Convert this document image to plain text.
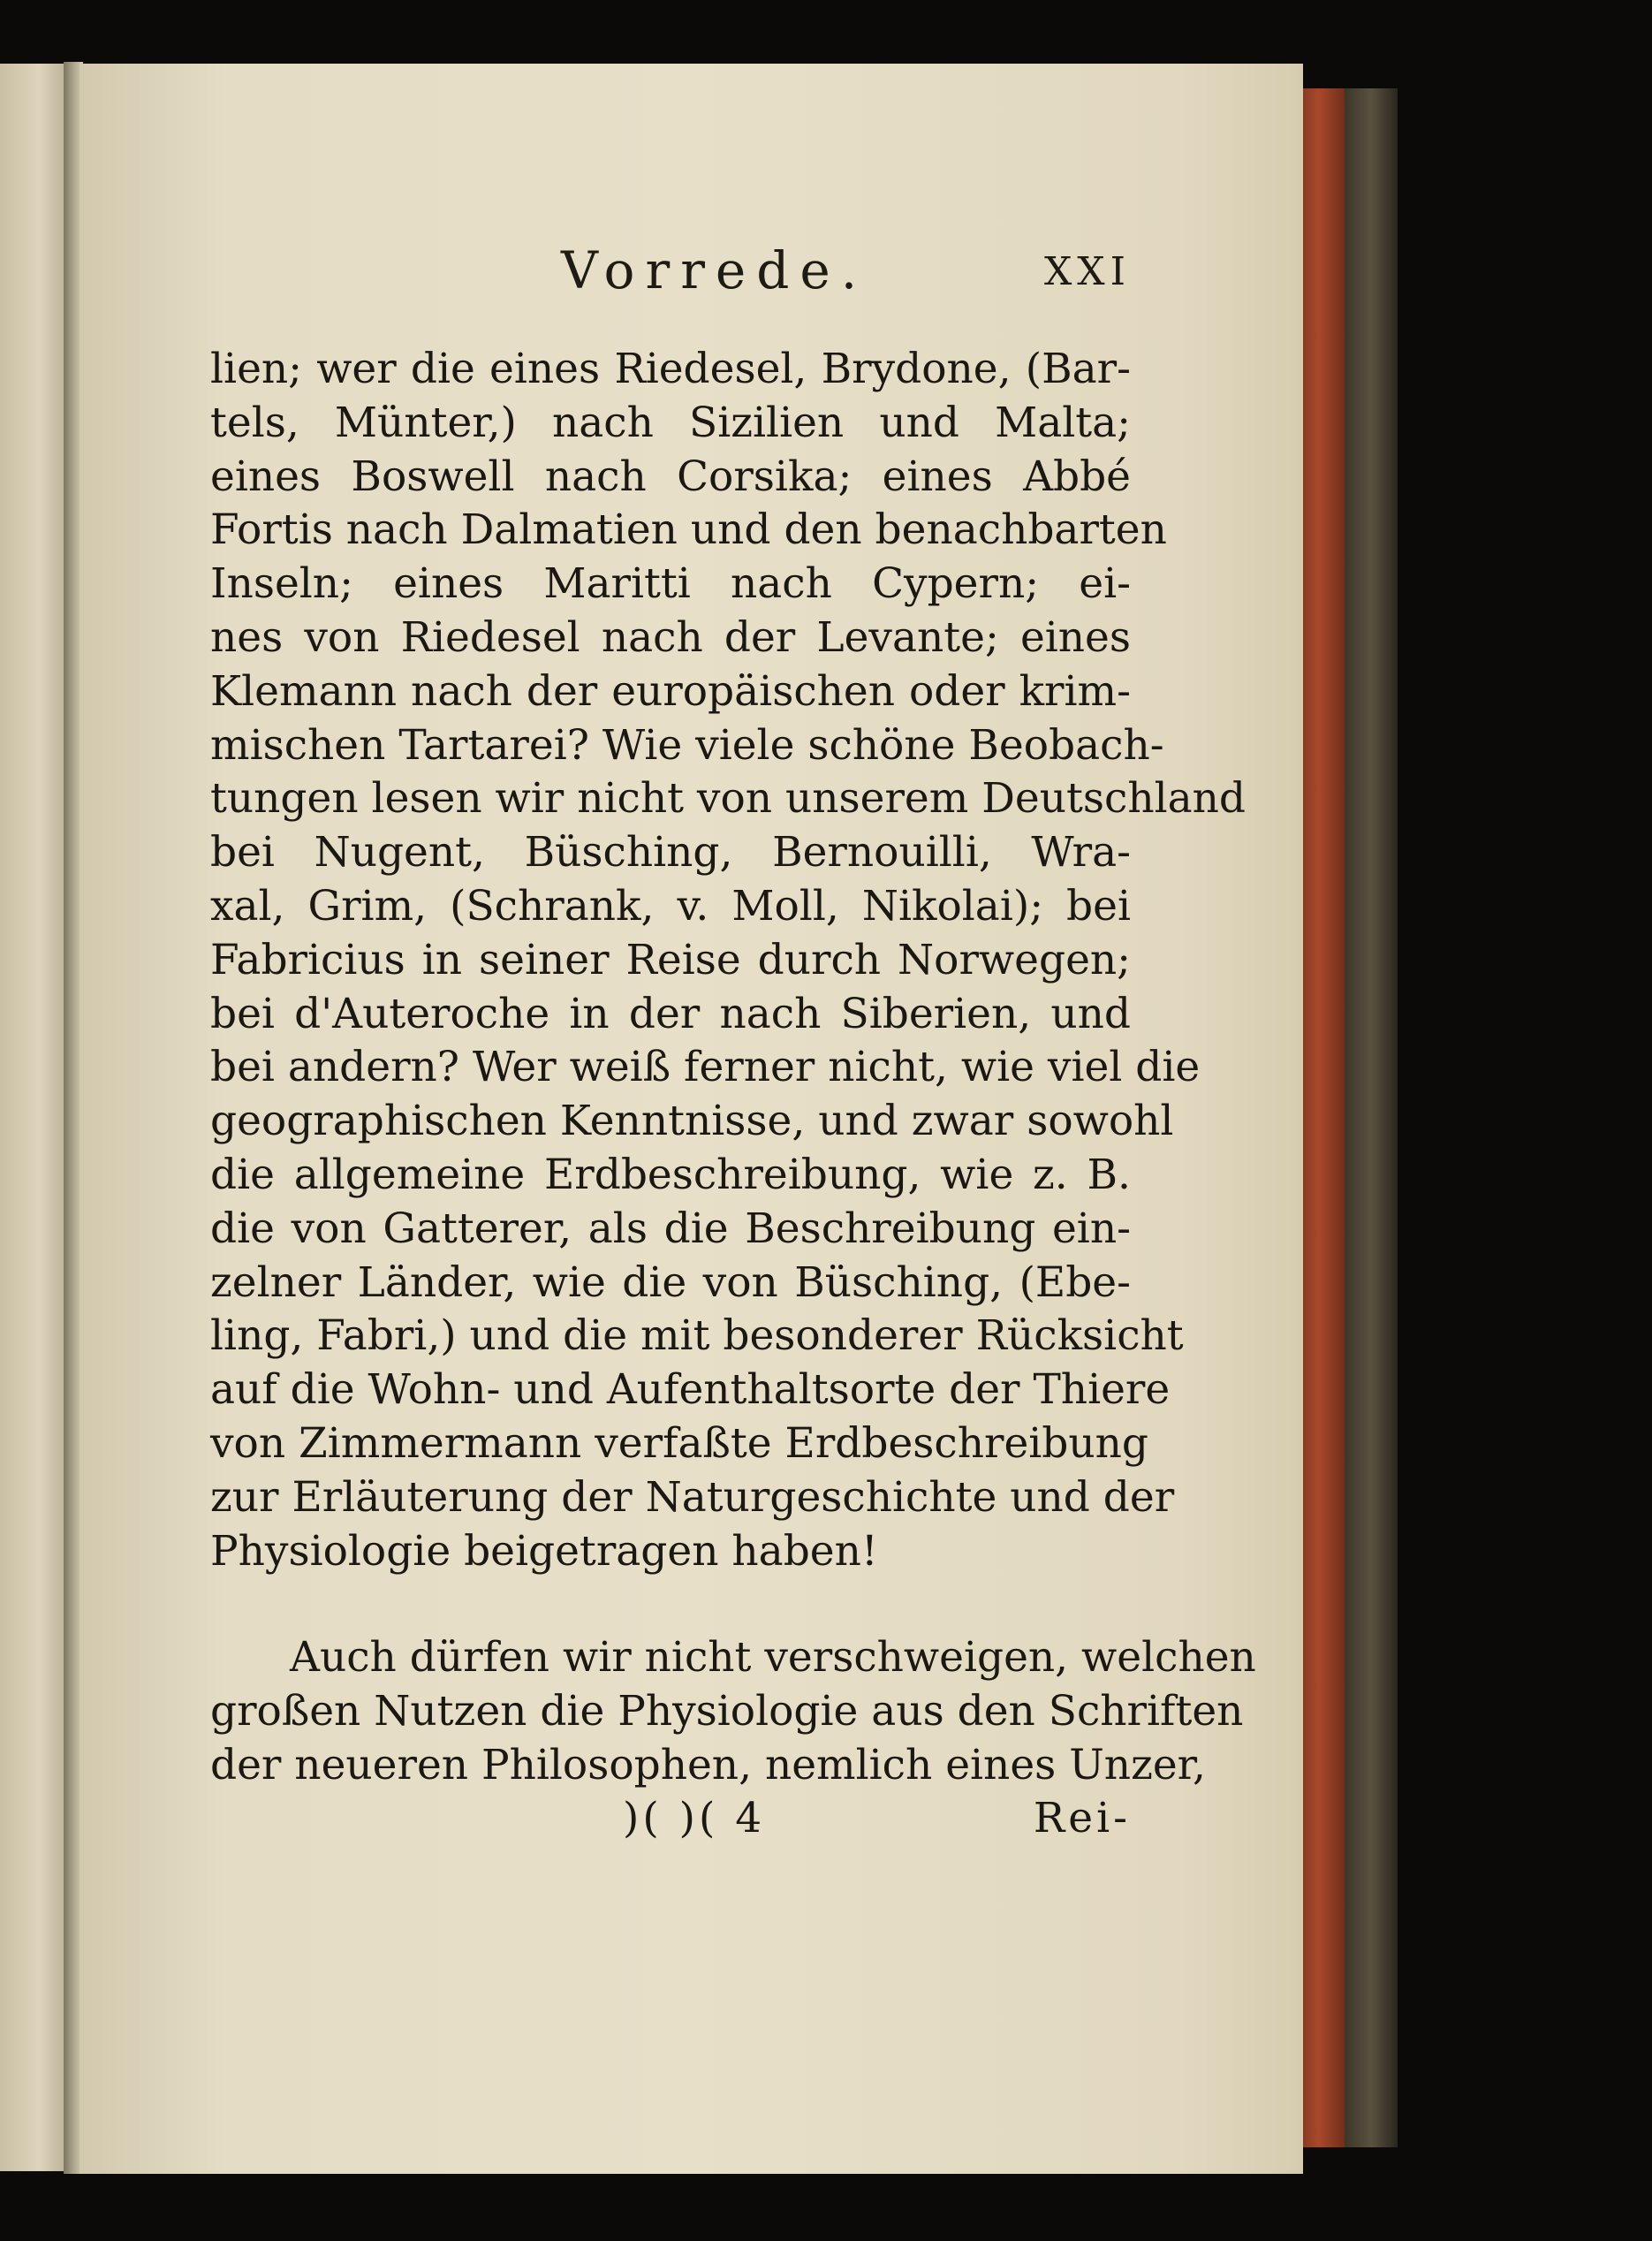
Vorrede.	XXI
lien; wer die eines Riedesel, Brydone, (Bar-
tels, Münter,) nach Sizilien und Malta;
eines Boswell nach Corsika; eines Abbé
Fortis nach Dalmatien und den benachbarten
Inseln; eines Maritti nach Cypern; ei-
nes von Riedesel nach der Levante; eines
Klemann nach der europäischen oder krim-
mischen Tartarei? Wie viele schöne Beobach-
tungen lesen wir nicht von unserem Deutschland
bei Nugent, Büsching, Bernouilli, Wra-
xal, Grim, (Schrank, v. Moll, Nikolai); bei
Fabricius in seiner Reise durch Norwegen;
bei d'Auteroche in der nach Siberien, und
bei andern? Wer weiß ferner nicht, wie viel die
geographischen Kenntnisse, und zwar sowohl
die allgemeine Erdbeschreibung, wie z. B.
die von Gatterer, als die Beschreibung ein-
zelner Länder, wie die von Büsching, (Ebe-
ling, Fabri,) und die mit besonderer Rücksicht
auf die Wohn- und Aufenthaltsorte der Thiere
von Zimmermann verfaßte Erdbeschreibung
zur Erläuterung der Naturgeschichte und der
Physiologie beigetragen haben!
Auch dürfen wir nicht verschweigen, welchen
großen Nutzen die Physiologie aus den Schriften
der neueren Philosophen, nemlich eines Unzer,
)( )( 4	Rei-
